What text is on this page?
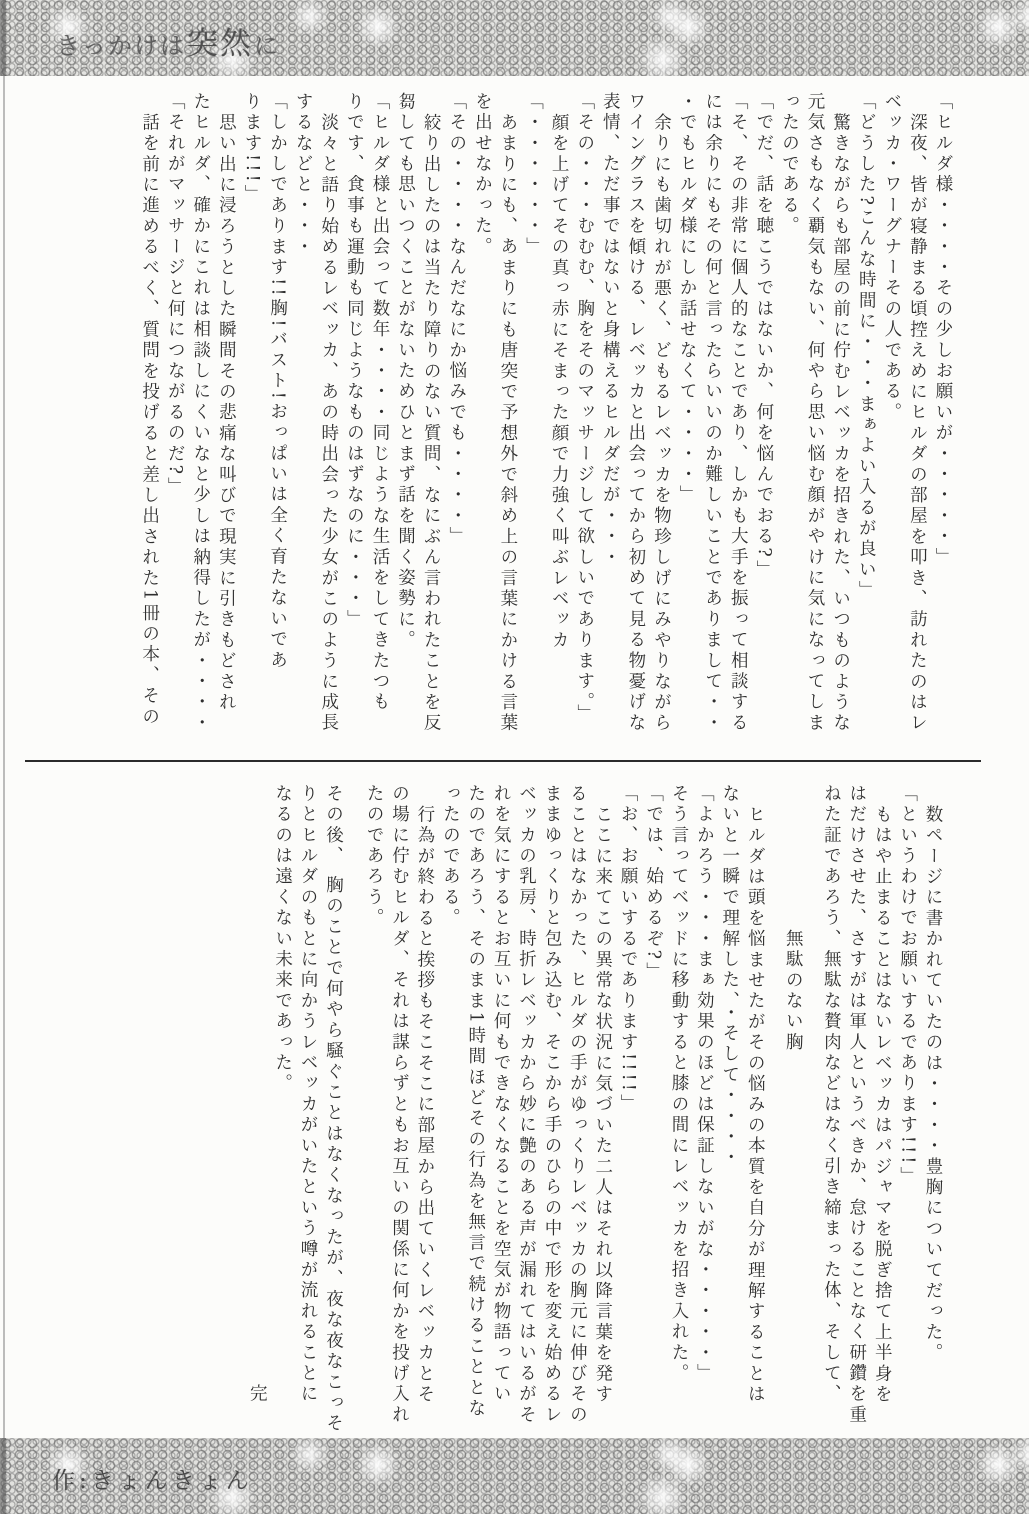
きっかけは 突然 に
「ヒルダ様・・・・その少しお願いが・・・・・」
深夜、皆が寝静まる頃控えめにヒルダの部屋を叩き、訪れたのはレ
ベッカ・ワーグナーその人である。
「どうした?こんな時間に・・・まぁよい入るが良い」
驚きながらも部屋の前に佇むレベッカを招きれた、いつものような
元気さもなく覇気もない、何やら思い悩む顔がやけに気になってしま
ったのである。
「でだ、話を聴こうではないか、何を悩んでおる?」
「そ、その非常に個人的なことであり、しかも大手を振って相談する
には余りにもその何と言ったらいいのか難しいことでありまして・・
・でもヒルダ様にしか話せなくて・・・・」
余りにも歯切れが悪く、どもるレベッカを物珍しげにみやりながら
ワイングラスを傾ける、レベッカと出会ってから初めて見る物憂げな
表情、ただ事ではないと身構えるヒルダだが・・・
「その・・・むむむ、胸をそのマッサージして欲しいであります。」
顔を上げてその真っ赤にそまった顔で力強く叫ぶレベッカ
「・・・・・・」
あまりにも、あまりにも唐突で予想外で斜め上の言葉にかける言葉
を出せなかった。
「その・・・・なんだなにか悩みでも・・・・」
絞り出したのは当たり障りのない質問、なにぶん言われたことを反
芻しても思いつくことがないためひとまず話を聞く姿勢に。
「ヒルダ様と出会って数年・・・・同じような生活をしてきたつも
りです、食事も運動も同じようなものはずなのに・・・」
淡々と語り始めるレベッカ、あの時出会った少女がこのように成長
するなどと・・・
「しかしであります!!胸!バスト!おっぱいは全く育たないであ
ります!!!」
思い出に浸ろうとした瞬間その悲痛な叫びで現実に引きもどされ
たヒルダ、確かにこれは相談しにくいなと少しは納得したが・・・・
「それがマッサージと何につながるのだ?」
話を前に進めるべく、質問を投げると差し出された1冊の本、その
数ページに書かれていたのは・・・・豊胸についてだった。
「というわけでお願いするであります!!!」
もはや止まることはないレベッカはパジャマを脱ぎ捨て上半身を
はだけさせた、さすがは軍人というべきか、怠けることなく研鑽を重
ねた証であろう、無駄な贅肉などはなく引き締まった体、そして、
無駄のない胸
ヒルダは頭を悩ませたがその悩みの本質を自分が理解することは
ないと一瞬で理解した、・そして・・・・
「よかろう・・・まぁ効果のほどは保証しないがな・・・・・」
そう言ってベッドに移動すると膝の間にレベッカを招き入れた。
「では、始めるぞ?」
「お、お願いするであります!!!!」
ここに来てこの異常な状況に気づいた二人はそれ以降言葉を発す
ることはなかった、ヒルダの手がゆっくりレベッカの胸元に伸びその
ままゆっくりと包み込む、そこから手のひらの中で形を変え始めるレ
ベッカの乳房、時折レベッカから妙に艶のある声が漏れてはいるがそ
れを気にするとお互いに何もできなくなることを空気が物語ってい
たのであろう、そのまま1時間ほどその行為を無言で続けることとな
ったのである。
行為が終わると挨拶もそこそこに部屋から出ていくレベッカとそ
の場に佇むヒルダ、それは謀らずともお互いの関係に何かを投げ入れ
たのであろう。
その後、 胸のことで何やら騒ぐことはなくなったが、夜な夜なこっそ
りとヒルダのもとに向かうレベッカがいたという噂が流れることに
なるのは遠くない未来であった。
完
作:きょんきょん
